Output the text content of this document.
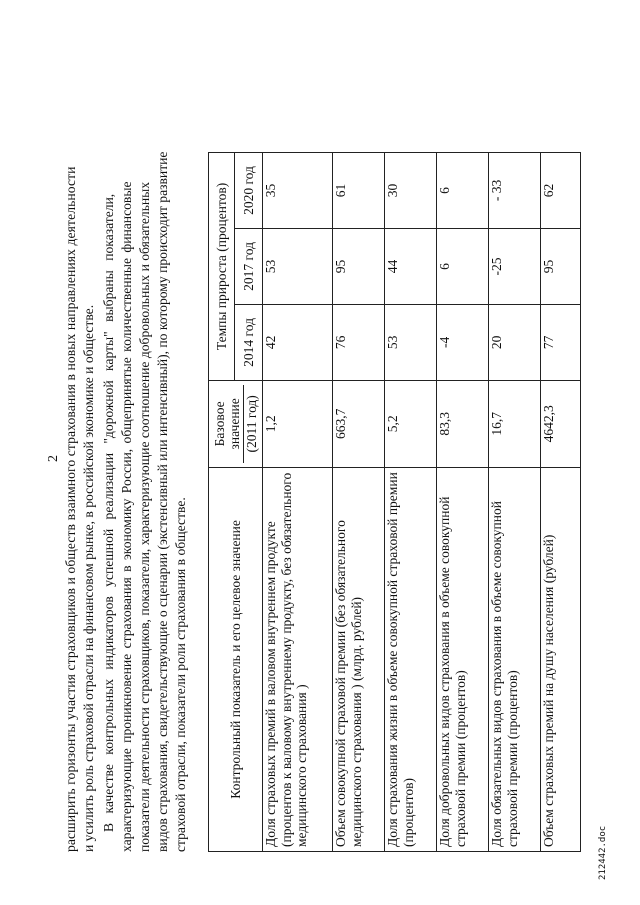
2 расширить горизонты участия страховщиков и обществ взаимного страхования в новых направлениях деятельности и усилить роль страховой отрасли на финансовом рынке, в российской экономике и обществе. В качестве контрольных индикаторов успешной реализации "дорожной карты" выбраны показатели, характеризующие проникновение страхования в экономику России, общепринятые количественные финансовые показатели деятельности страховщиков, показатели, характеризующие соотношение добровольных и обязательных видов страхования, свидетельствующие о сценарии (экстенсивный или интенсивный), по которому происходит развитие страховой отрасли, показатели роли страхования в обществе.	Контрольный показатель и его целевое значение	Базовое значение (2011 год)	Темпы прироста (процентов)		
		2014 год	2017 год	2020 год
Доля страховых премий в валовом внутреннем продукте (процентов к валовому внутреннему продукту, без обязательного медицинского страхования )	1,2	42	53	35
Объем совокупной страховой премии (без обязательного медицинского страхования ) (млрд. рублей)	663,7	76	95	61
Доля страхования жизни в объеме совокупной страховой премии (процентов)	5,2	53	44	30
Доля добровольных видов страхования в объеме совокупной страховой премии (процентов)	83,3	-4	6	6
Доля обязательных видов страхования в объеме совокупной страховой премии (процентов)	16,7	20	-25	- 33
Объем страховых премий на душу населения (рублей)	4642,3	77	95	62
212442.doc
